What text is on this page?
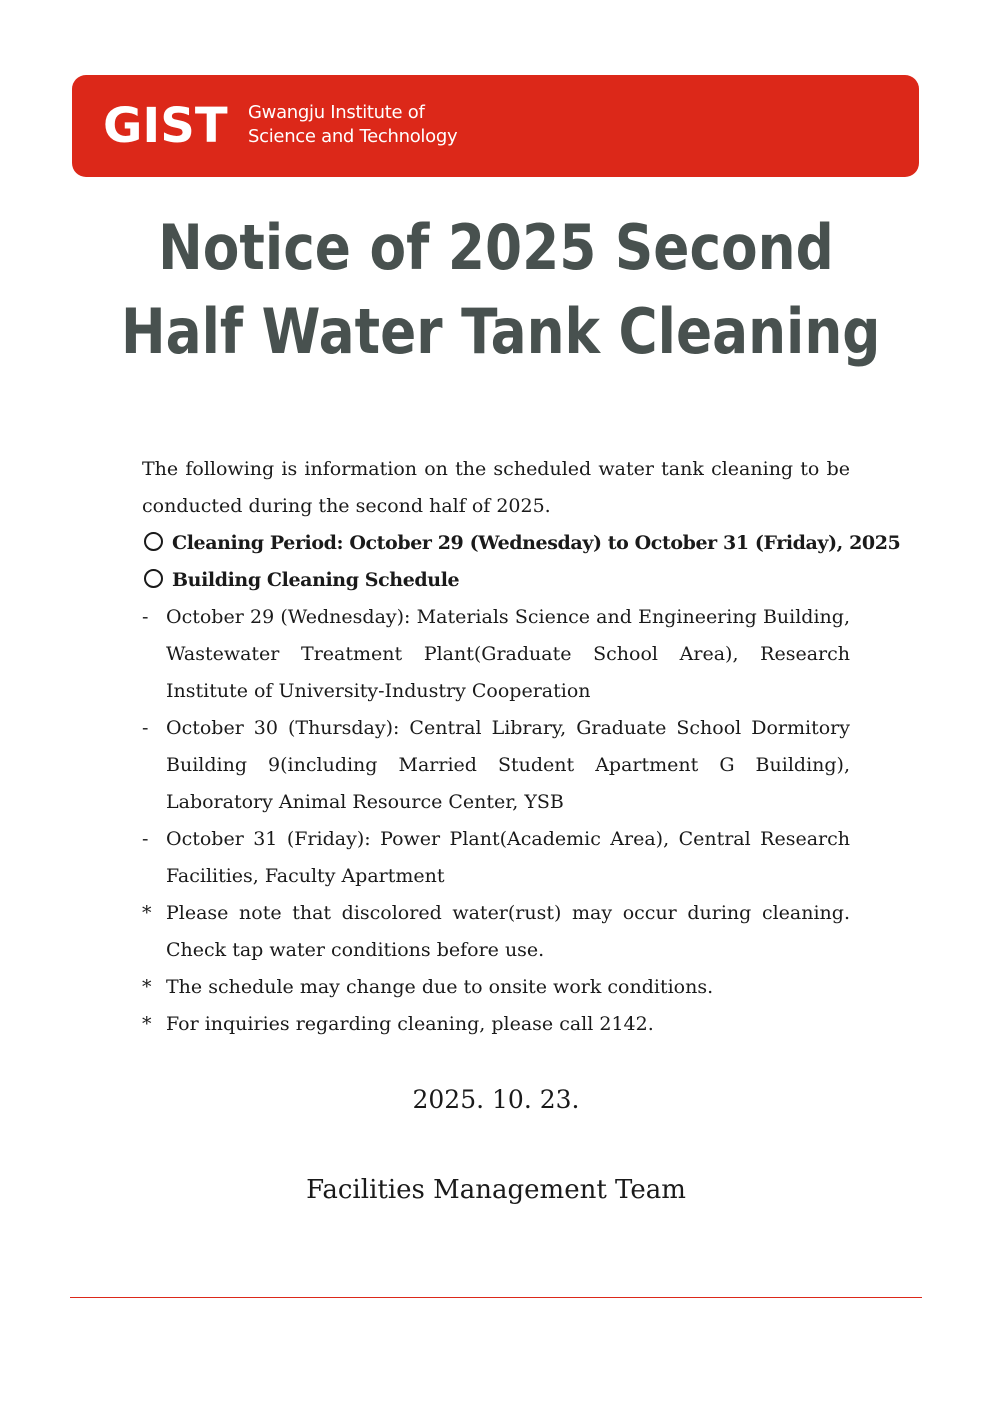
GIST Gwangju Institute of
Science and Technology
Notice of 2025 Second
Half Water Tank Cleaning
The following is information on the scheduled water tank cleaning to be conducted during the second half of 2025.
Cleaning Period: October 29 (Wednesday) to October 31 (Friday), 2025
Building Cleaning Schedule
- October 29 (Wednesday): Materials Science and Engineering Building, Wastewater Treatment Plant(Graduate School Area), Research Institute of University-Industry Cooperation
- October 30 (Thursday): Central Library, Graduate School Dormitory Building 9(including Married Student Apartment G Building), Laboratory Animal Resource Center, YSB
- October 31 (Friday): Power Plant(Academic Area), Central Research Facilities, Faculty Apartment
* Please note that discolored water(rust) may occur during cleaning. Check tap water conditions before use.
* The schedule may change due to onsite work conditions.
* For inquiries regarding cleaning, please call 2142.
2025. 10. 23.
Facilities Management Team
